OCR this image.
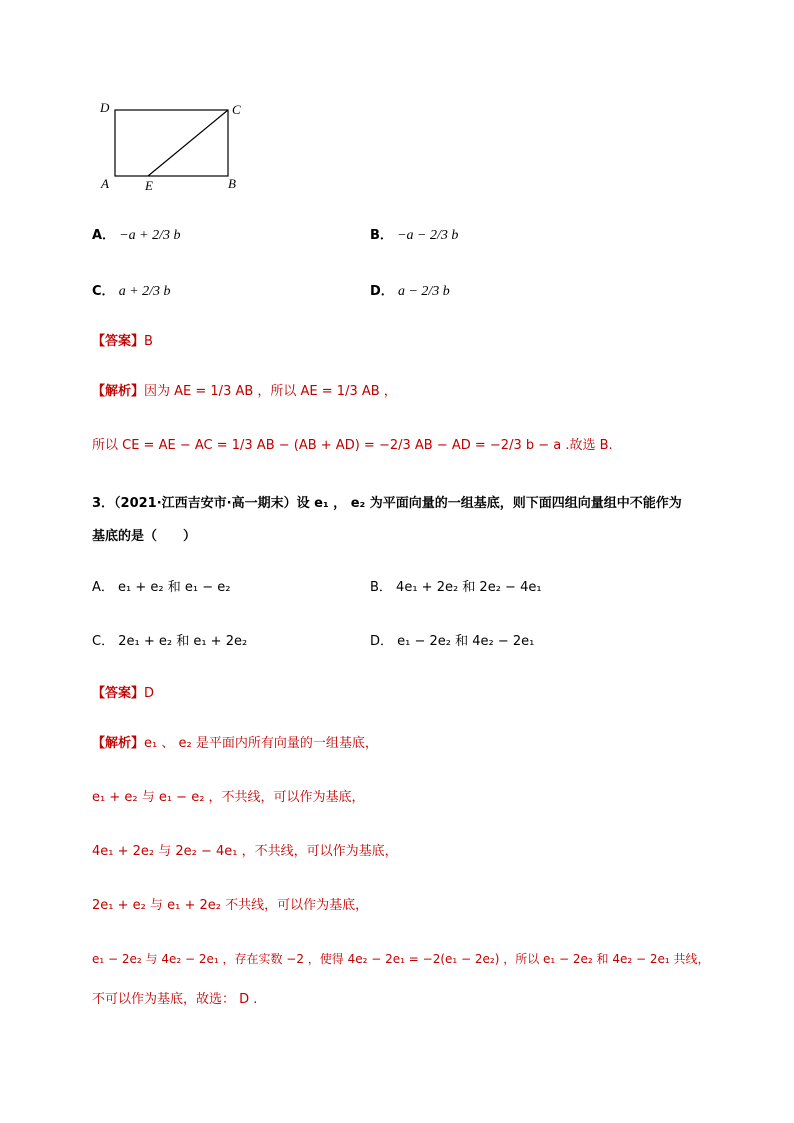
D	C
A	E	B
A． −a + 2/3 b	B． −a − 2/3 b
C． a + 2/3 b	D． a − 2/3 b
【答案】B
【解析】因为 AE = 1/3 AB ，所以 AE = 1/3 AB ，
所以 CE = AE − AC = 1/3 AB − (AB + AD) = −2/3 AB − AD = −2/3 b − a .故选 B.
3．（2021·江西吉安市·高一期末）设 e₁ ， e₂ 为平面向量的一组基底，则下面四组向量组中不能作为
基底的是（　　）
A． e₁ + e₂ 和 e₁ − e₂	B． 4e₁ + 2e₂ 和 2e₂ − 4e₁
C． 2e₁ + e₂ 和 e₁ + 2e₂	D． e₁ − 2e₂ 和 4e₂ − 2e₁
【答案】D
【解析】e₁ 、 e₂ 是平面内所有向量的一组基底，
e₁ + e₂ 与 e₁ − e₂ ，不共线，可以作为基底，
4e₁ + 2e₂ 与 2e₂ − 4e₁ ，不共线，可以作为基底，
2e₁ + e₂ 与 e₁ + 2e₂ 不共线，可以作为基底，
e₁ − 2e₂ 与 4e₂ − 2e₁ ，存在实数 −2 ，使得 4e₂ − 2e₁ = −2(e₁ − 2e₂) ，所以 e₁ − 2e₂ 和 4e₂ − 2e₁ 共线，
不可以作为基底，故选： D .
